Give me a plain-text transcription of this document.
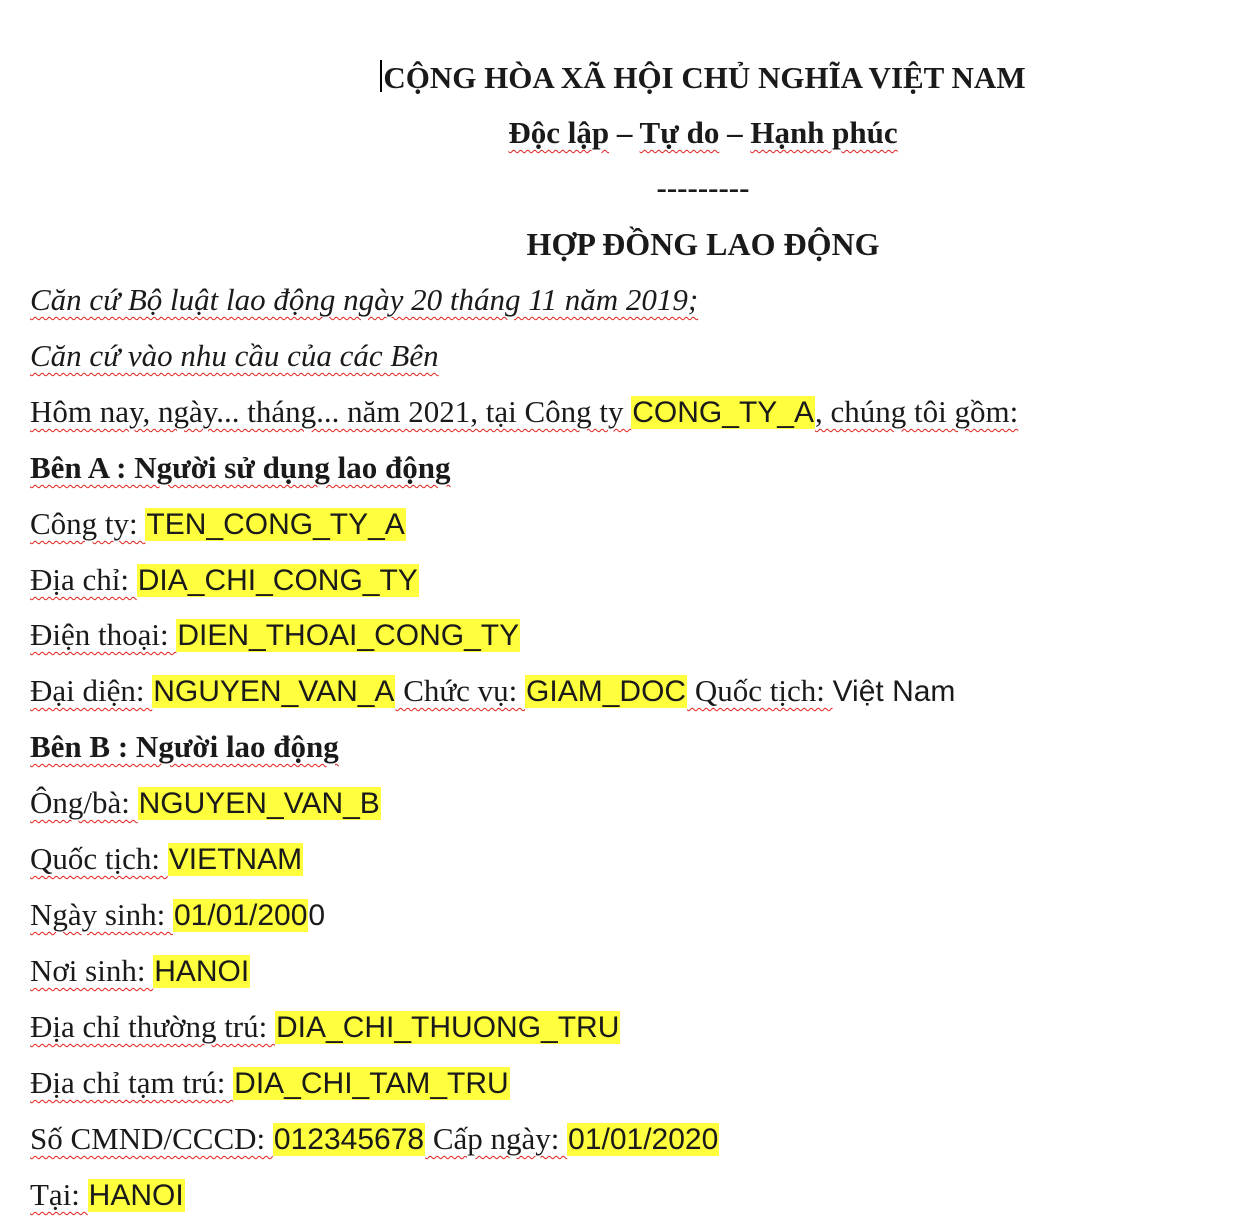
CỘNG HÒA XÃ HỘI CHỦ NGHĨA VIỆT NAM
Độc lập – Tự do – Hạnh phúc
---------
HỢP ĐỒNG LAO ĐỘNG
Căn cứ Bộ luật lao động ngày 20 tháng 11 năm 2019;
Căn cứ vào nhu cầu của các Bên
Hôm nay, ngày... tháng... năm 2021, tại Công ty CONG_TY_A, chúng tôi gồm:
Bên A : Người sử dụng lao động
Công ty: TEN_CONG_TY_A
Địa chỉ: DIA_CHI_CONG_TY
Điện thoại: DIEN_THOAI_CONG_TY
Đại diện: NGUYEN_VAN_A Chức vụ: GIAM_DOC Quốc tịch: Việt Nam
Bên B : Người lao động
Ông/bà: NGUYEN_VAN_B
Quốc tịch: VIETNAM
Ngày sinh: 01/01/2000
Nơi sinh: HANOI
Địa chỉ thường trú: DIA_CHI_THUONG_TRU
Địa chỉ tạm trú: DIA_CHI_TAM_TRU
Số CMND/CCCD: 012345678 Cấp ngày: 01/01/2020
Tại: HANOI
